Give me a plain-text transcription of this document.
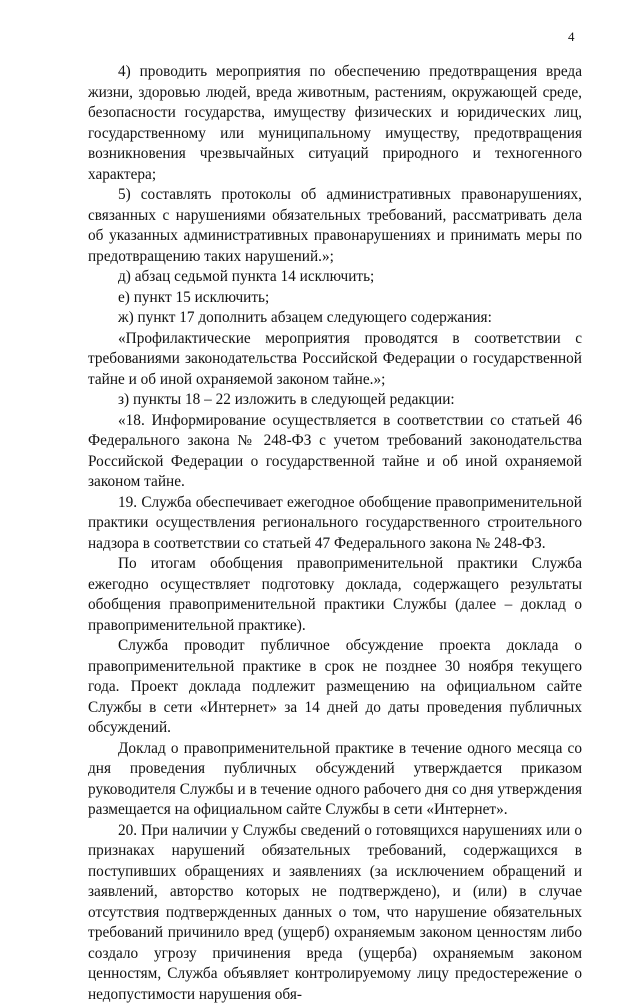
4

4) проводить мероприятия по обеспечению предотвращения вреда жизни, здоровью людей, вреда животным, растениям, окружающей среде, безопасности государства, имуществу физических и юридических лиц, государственному или муниципальному имуществу, предотвращения возникновения чрезвычайных ситуаций природного и техногенного характера;

5) составлять протоколы об административных правонарушениях, связанных с нарушениями обязательных требований, рассматривать дела об указанных административных правонарушениях и принимать меры по предотвращению таких нарушений.»;

д) абзац седьмой пункта 14 исключить;

е) пункт 15 исключить;

ж) пункт 17 дополнить абзацем следующего содержания:

«Профилактические мероприятия проводятся в соответствии с требованиями законодательства Российской Федерации о государственной тайне и об иной охраняемой законом тайне.»;

з) пункты 18 – 22 изложить в следующей редакции:

«18. Информирование осуществляется в соответствии со статьей 46 Федерального закона № 248-ФЗ с учетом требований законодательства Российской Федерации о государственной тайне и об иной охраняемой законом тайне.

19. Служба обеспечивает ежегодное обобщение правоприменительной практики осуществления регионального государственного строительного надзора в соответствии со статьей 47 Федерального закона № 248-ФЗ.

По итогам обобщения правоприменительной практики Служба ежегодно осуществляет подготовку доклада, содержащего результаты обобщения правоприменительной практики Службы (далее – доклад о правоприменительной практике).

Служба проводит публичное обсуждение проекта доклада о правоприменительной практике в срок не позднее 30 ноября текущего года. Проект доклада подлежит размещению на официальном сайте Службы в сети «Интернет» за 14 дней до даты проведения публичных обсуждений.

Доклад о правоприменительной практике в течение одного месяца со дня проведения публичных обсуждений утверждается приказом руководителя Службы и в течение одного рабочего дня со дня утверждения размещается на официальном сайте Службы в сети «Интернет».

20. При наличии у Службы сведений о готовящихся нарушениях или о признаках нарушений обязательных требований, содержащихся в поступивших обращениях и заявлениях (за исключением обращений и заявлений, авторство которых не подтверждено), и (или) в случае отсутствия подтвержденных данных о том, что нарушение обязательных требований причинило вред (ущерб) охраняемым законом ценностям либо создало угрозу причинения вреда (ущерба) охраняемым законом ценностям, Служба объявляет контролируемому лицу предостережение о недопустимости нарушения обя-
